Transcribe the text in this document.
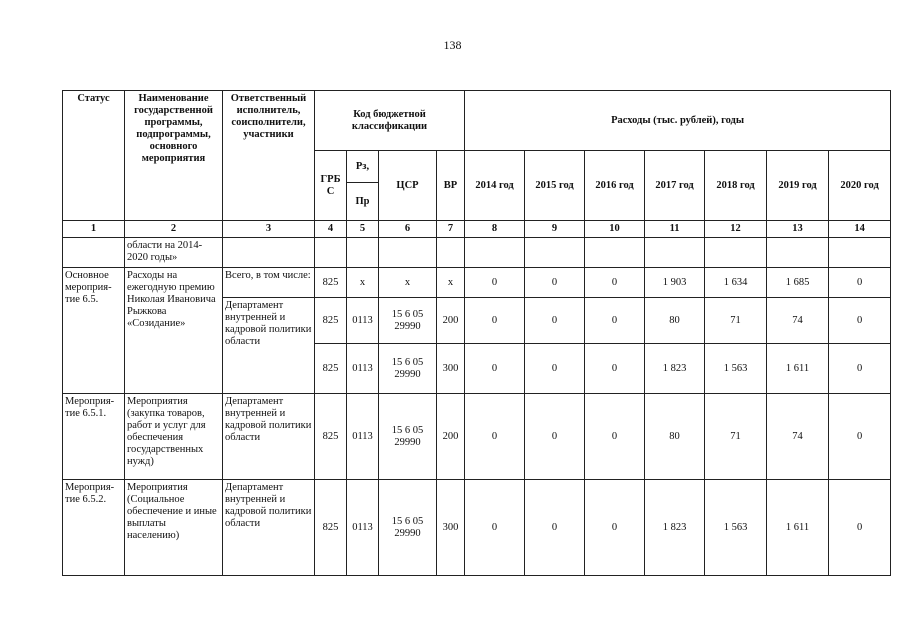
138
Статус	Наименование государственной программы, подпрограммы, основного мероприятия	Ответственный исполнитель, соисполнители, участники	Код бюджетной классификации				Расходы (тыс. рублей), годы						
			ГРБ С	Рз,	ЦСР	ВР	2014 год	2015 год	2016 год	2017 год	2018 год	2019 год	2020 год
				Пр									
1	2	3	4	5	6	7	8	9	10	11	12	13	14
	области на 2014-2020 годы»												
Основное мероприя-тие 6.5.	Расходы на ежегодную премию Николая Ивановича Рыжкова «Созидание»	Всего, в том числе:	825	х	х	х	0	0	0	1 903	1 634	1 685	0
		Департамент внутренней и кадровой политики области	825	0113	15 6 05 29990	200	0	0	0	80	71	74	0
			825	0113	15 6 05 29990	300	0	0	0	1 823	1 563	1 611	0
Мероприя-тие 6.5.1.	Мероприятия (закупка товаров, работ и услуг для обеспечения государственных нужд)	Департамент внутренней и кадровой политики области	825	0113	15 6 05 29990	200	0	0	0	80	71	74	0
Мероприя-тие 6.5.2.	Мероприятия (Социальное обеспечение и иные выплаты населению)	Департамент внутренней и кадровой политики области	825	0113	15 6 05 29990	300	0	0	0	1 823	1 563	1 611	0
